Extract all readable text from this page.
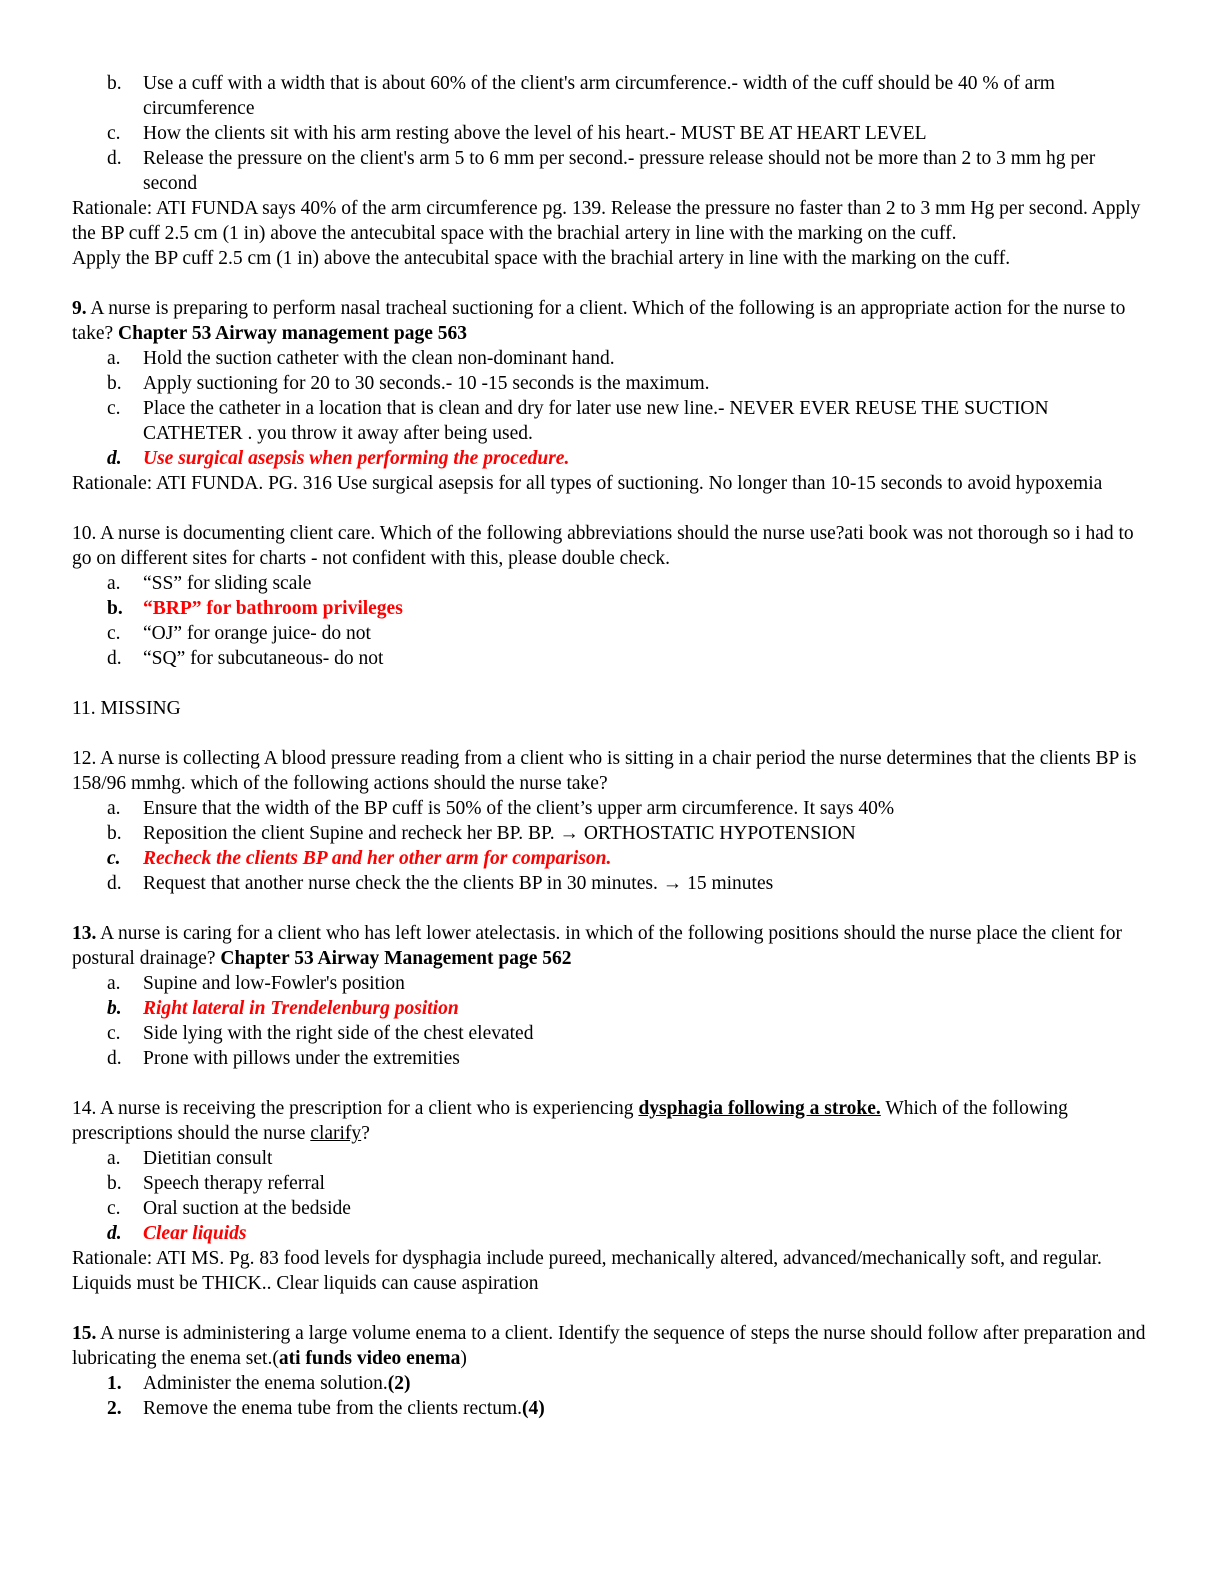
b. Use a cuff with a width that is about 60% of the client's arm circumference.- width of the cuff should be 40 % of arm circumference

c. How the clients sit with his arm resting above the level of his heart.- MUST BE AT HEART LEVEL

d. Release the pressure on the client's arm 5 to 6 mm per second.- pressure release should not be more than 2 to 3 mm hg per second

Rationale: ATI FUNDA says 40% of the arm circumference pg. 139. Release the pressure no faster than 2 to 3 mm Hg per second. Apply the BP cuff 2.5 cm (1 in) above the antecubital space with the brachial artery in line with the marking on the cuff.

Apply the BP cuff 2.5 cm (1 in) above the antecubital space with the brachial artery in line with the marking on the cuff.

9. A nurse is preparing to perform nasal tracheal suctioning for a client. Which of the following is an appropriate action for the nurse to take? Chapter 53 Airway management page 563

a. Hold the suction catheter with the clean non-dominant hand.

b. Apply suctioning for 20 to 30 seconds.- 10 -15 seconds is the maximum.

c. Place the catheter in a location that is clean and dry for later use new line.- NEVER EVER REUSE THE SUCTION CATHETER . you throw it away after being used.

d. Use surgical asepsis when performing the procedure.

Rationale: ATI FUNDA. PG. 316 Use surgical asepsis for all types of suctioning. No longer than 10-15 seconds to avoid hypoxemia

10. A nurse is documenting client care. Which of the following abbreviations should the nurse use?ati book was not thorough so i had to go on different sites for charts - not confident with this, please double check.

a. “SS” for sliding scale

b. “BRP” for bathroom privileges

c. “OJ” for orange juice- do not

d. “SQ” for subcutaneous- do not

11. MISSING

12. A nurse is collecting A blood pressure reading from a client who is sitting in a chair period the nurse determines that the clients BP is 158/96 mmhg. which of the following actions should the nurse take?

a. Ensure that the width of the BP cuff is 50% of the client’s upper arm circumference. It says 40%

b. Reposition the client Supine and recheck her BP. BP. → ORTHOSTATIC HYPOTENSION

c. Recheck the clients BP and her other arm for comparison.

d. Request that another nurse check the the clients BP in 30 minutes. → 15 minutes

13. A nurse is caring for a client who has left lower atelectasis. in which of the following positions should the nurse place the client for postural drainage? Chapter 53 Airway Management page 562

a. Supine and low-Fowler's position

b. Right lateral in Trendelenburg position

c. Side lying with the right side of the chest elevated

d. Prone with pillows under the extremities

14. A nurse is receiving the prescription for a client who is experiencing dysphagia following a stroke. Which of the following prescriptions should the nurse clarify?

a. Dietitian consult

b. Speech therapy referral

c. Oral suction at the bedside

d. Clear liquids

Rationale: ATI MS. Pg. 83 food levels for dysphagia include pureed, mechanically altered, advanced/mechanically soft, and regular. Liquids must be THICK.. Clear liquids can cause aspiration

15. A nurse is administering a large volume enema to a client. Identify the sequence of steps the nurse should follow after preparation and lubricating the enema set.(ati funds video enema)

1. Administer the enema solution.(2)

2. Remove the enema tube from the clients rectum.(4)
